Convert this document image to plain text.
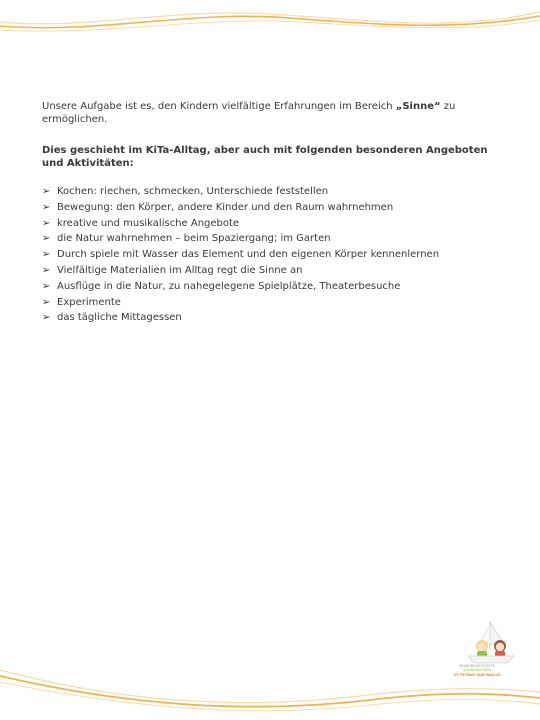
Unsere Aufgabe ist es, den Kindern vielfältige Erfahrungen im Bereich „Sinne“ zu ermöglichen.

Dies geschieht im KiTa-Alltag, aber auch mit folgenden besonderen Angeboten und Aktivitäten:

➢ Kochen: riechen, schmecken, Unterschiede feststellen
➢ Bewegung: den Körper, andere Kinder und den Raum wahrnehmen
➢ kreative und musikalische Angebote
➢ die Natur wahrnehmen – beim Spaziergang; im Garten
➢ Durch spiele mit Wasser das Element und den eigenen Körper kennenlernen
➢ Vielfältige Materialien im Alltag regt die Sinne an
➢ Ausflüge in die Natur, zu nahegelegene Spielplätze, Theaterbesuche
➢ Experimente
➢ das tägliche Mittagessen
KINDERTAGESSTÄTTE
SONNENSCHEIN
ST. PETRUS UND PAULUS
